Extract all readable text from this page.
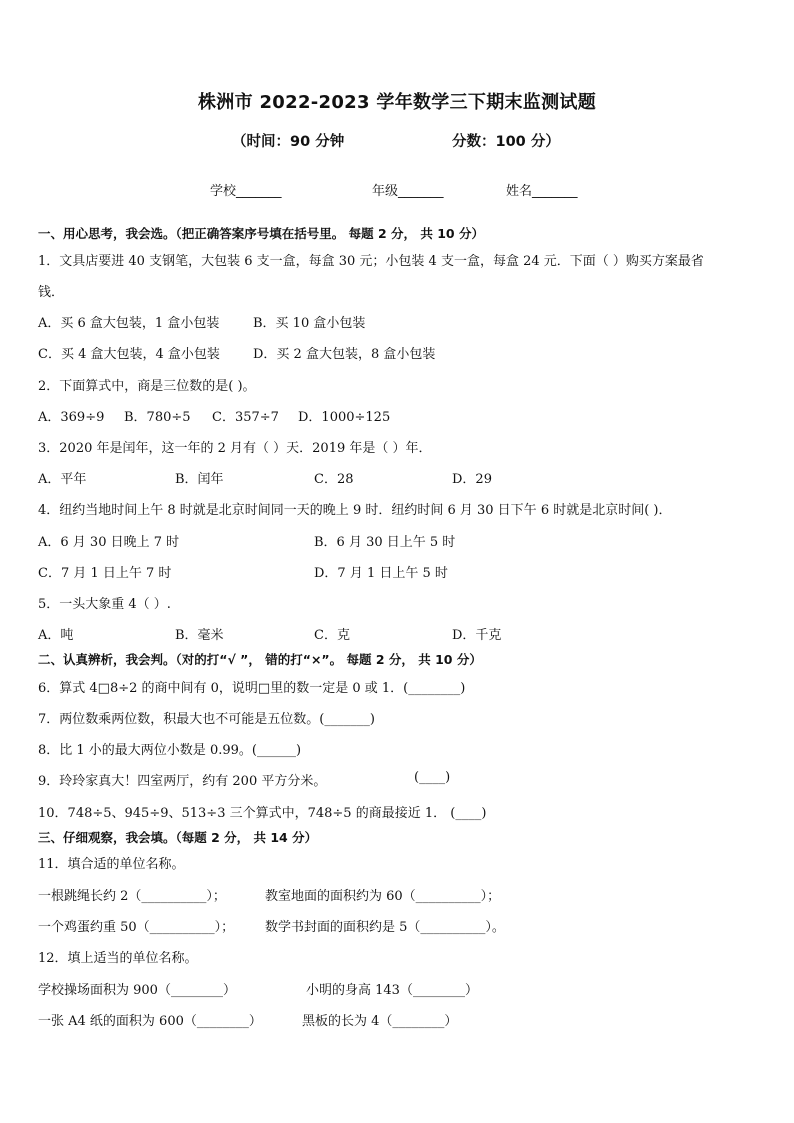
株洲市 2022-2023 学年数学三下期末监测试题
（时间：90 分钟	分数：100 分）
学校_______	年级_______	姓名_______
一、用心思考，我会选。（把正确答案序号填在括号里。 每题 2 分， 共 10 分）
1．文具店要进 40 支钢笔，大包装 6 支一盒，每盒 30 元；小包装 4 支一盒，每盒 24 元．下面（ ）购买方案最省
钱．
A．买 6 盒大包装，1 盒小包装	B．买 10 盒小包装
C．买 4 盒大包装，4 盒小包装	D．买 2 盒大包装，8 盒小包装
2．下面算式中，商是三位数的是( )。
A．369÷9 B．780÷5 C．357÷7 D．1000÷125
3．2020 年是闰年，这一年的 2 月有（ ）天．2019 年是（ ）年．
A．平年	B．闰年	C．28	D．29
4．纽约当地时间上午 8 时就是北京时间同一天的晚上 9 时．纽约时间 6 月 30 日下午 6 时就是北京时间( )．
A．6 月 30 日晚上 7 时	B．6 月 30 日上午 5 时
C．7 月 1 日上午 7 时	D．7 月 1 日上午 5 时
5．一头大象重 4（ ）.
A．吨	B．毫米	C．克	D．千克
二、认真辨析，我会判。（对的打“√ ”， 错的打“×”。 每题 2 分， 共 10 分）
6．算式 4□8÷2 的商中间有 0，说明□里的数一定是 0 或 1．(________)
7．两位数乘两位数，积最大也不可能是五位数。(_______)
8．比 1 小的最大两位小数是 0.99。(______)
9．玲玲家真大！四室两厅，约有 200 平方分米。	(____)
10．748÷5、945÷9、513÷3 三个算式中，748÷5 的商最接近 1． (____)
三、仔细观察，我会填。（每题 2 分， 共 14 分）
11．填合适的单位名称。
一根跳绳长约 2（__________）；	教室地面的面积约为 60（__________）；
一个鸡蛋约重 50（__________）； 数学书封面的面积约是 5（__________）。
12．填上适当的单位名称。
学校操场面积为 900（________）	小明的身高 143（________）
一张 A4 纸的面积为 600（________）	黑板的长为 4（________）
